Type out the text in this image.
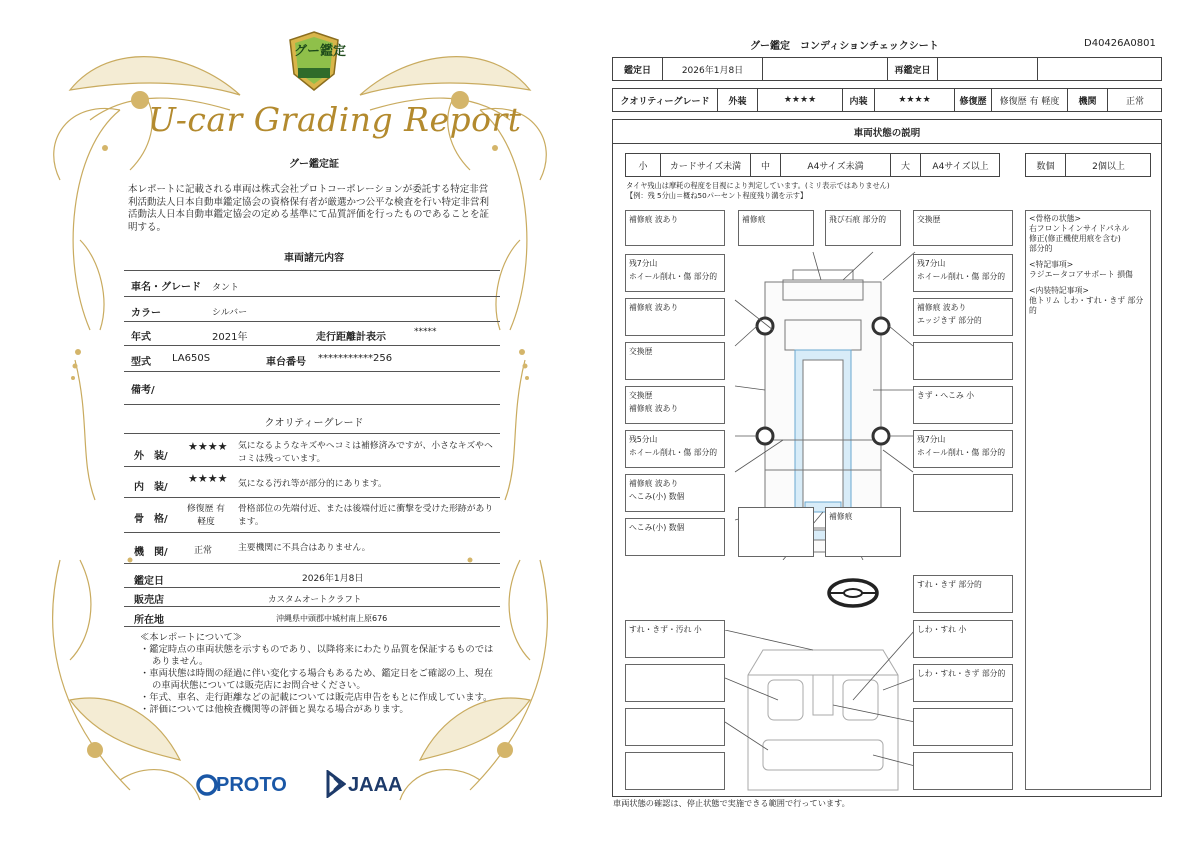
グー鑑定
U-car Grading Report
グー鑑定証
本レポートに記載される車両は株式会社プロトコーポレーションが委託する特定非営利活動法人日本自動車鑑定協会の資格保有者が厳選かつ公平な検査を行い特定非営利活動法人日本自動車鑑定協会の定める基準にて品質評価を行ったものであることを証明する。
車両諸元内容
車名・グレード タント
カラー	シルバー
年式	2021年	走行距離計表示	*****
型式 LA650S	車台番号 ***********256
備考/
クオリティーグレード
外　装/
★★★★ 気になるようなキズやヘコミは補修済みですが、小さなキズやヘコミは残っています。
内　装/
★★★★ 気になる汚れ等が部分的にあります。
骨　格/
修復歴 有 軽度
骨格部位の先端付近、または後端付近に衝撃を受けた形跡があります。
機　関/	正常	主要機関に不具合はありません。
鑑定日	2026年1月8日
販売店	カスタムオートクラフト
所在地	沖縄県中頭郡中城村南上原676
≪本レポートについて≫
・鑑定時点の車両状態を示すものであり、以降将来にわたり品質を保証するものではありません。
・車両状態は時間の経過に伴い変化する場合もあるため、鑑定日をご確認の上、現在の車両状態については販売店にお問合せください。
・年式、車名、走行距離などの記載については販売店申告をもとに作成しています。
・評価については他検査機関等の評価と異なる場合があります。
PROTO	JAAA
グー鑑定　コンディションチェックシート	D40426A0801
鑑定日	2026年1月8日	再鑑定日
クオリティーグレード	外装	★★★★	内装	★★★★	修復歴	修復歴 有 軽度	機関	正常
車両状態の説明
小	カードサイズ未満	中	A4サイズ未満	大	A4サイズ以上	数個	2個以上
タイヤ残山は摩耗の程度を目視により判定しています。(ミリ表示ではありません)
【例：残 5分山＝概ね50パーセント程度残り溝を示す】
補修痕 波あり	補修痕	飛び石痕 部分的	交換歴
残7分山
ホイール削れ・傷 部分的
残7分山
ホイール削れ・傷 部分的
補修痕 波あり	補修痕 波あり
エッジきず 部分的
交換歴
交換歴
補修痕 波あり
きず・へこみ 小
残5分山
ホイール削れ・傷 部分的
残7分山
ホイール削れ・傷 部分的
補修痕 波あり
へこみ(小) 数個
へこみ(小) 数個
補修痕
<骨格の状態>
右フロントインサイドパネル
修正(修正機使用痕を含む)
部分的
<特記事項>
ラジエータコアサポート 損傷
<内装特記事項>
他トリム しわ・すれ・きず 部分的
すれ・きず 部分的
すれ・きず・汚れ 小	しわ・すれ 小
しわ・すれ・きず 部分的
車両状態の確認は、停止状態で実施できる範囲で行っています。
